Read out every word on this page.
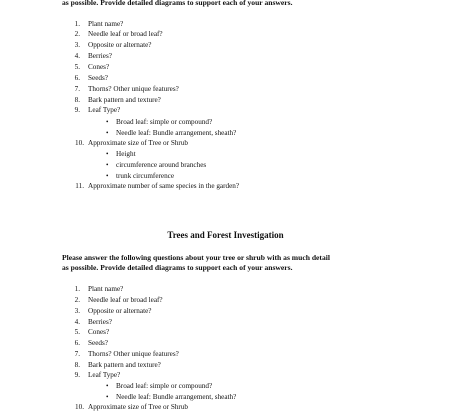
as possible. Provide detailed diagrams to support each of your answers.
1. Plant name?
2. Needle leaf or broad leaf?
3. Opposite or alternate?
4. Berries?
5. Cones?
6. Seeds?
7. Thorns? Other unique features?
8. Bark pattern and texture?
9. Leaf Type?
• Broad leaf: simple or compound?
• Needle leaf: Bundle arrangement, sheath?
10. Approximate size of Tree or Shrub
• Height
• circumference around branches
• trunk circumference
11. Approximate number of same species in the garden?
Trees and Forest Investigation
Please answer the following questions about your tree or shrub with as much detail
as possible. Provide detailed diagrams to support each of your answers.
1. Plant name?
2. Needle leaf or broad leaf?
3. Opposite or alternate?
4. Berries?
5. Cones?
6. Seeds?
7. Thorns? Other unique features?
8. Bark pattern and texture?
9. Leaf Type?
• Broad leaf: simple or compound?
• Needle leaf: Bundle arrangement, sheath?
10. Approximate size of Tree or Shrub
